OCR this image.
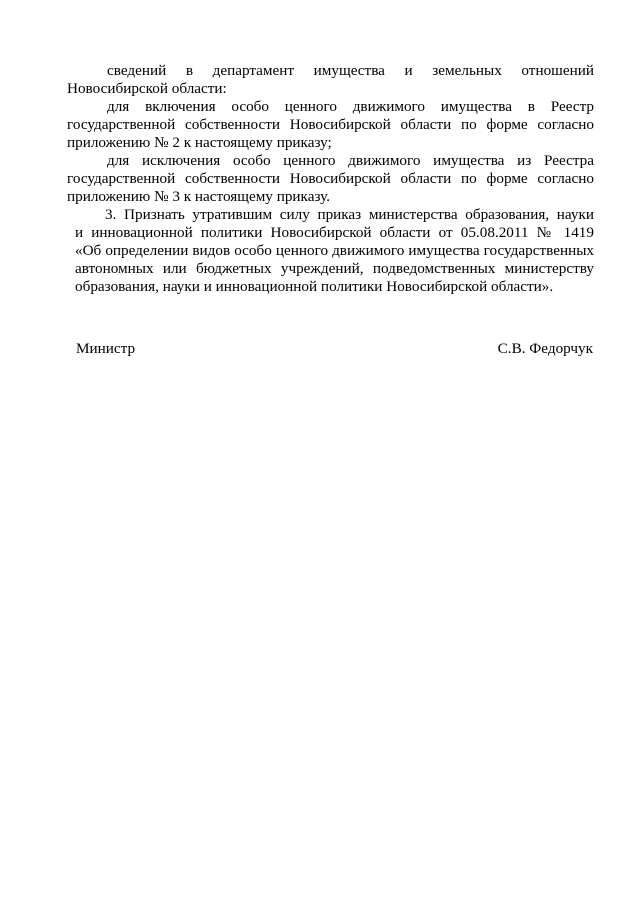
сведений в департамент имущества и земельных отношений
Новосибирской области:
для включения особо ценного движимого имущества в Реестр
государственной собственности Новосибирской области по форме согласно
приложению № 2 к настоящему приказу;
для исключения особо ценного движимого имущества из Реестра
государственной собственности Новосибирской области по форме согласно
приложению № 3 к настоящему приказу.
3. Признать утратившим силу приказ министерства образования, науки
и инновационной политики Новосибирской области от 05.08.2011 № 1419
«Об определении видов особо ценного движимого имущества государственных
автономных или бюджетных учреждений, подведомственных министерству
образования, науки и инновационной политики Новосибирской области».
Министр	С.В. Федорчук
